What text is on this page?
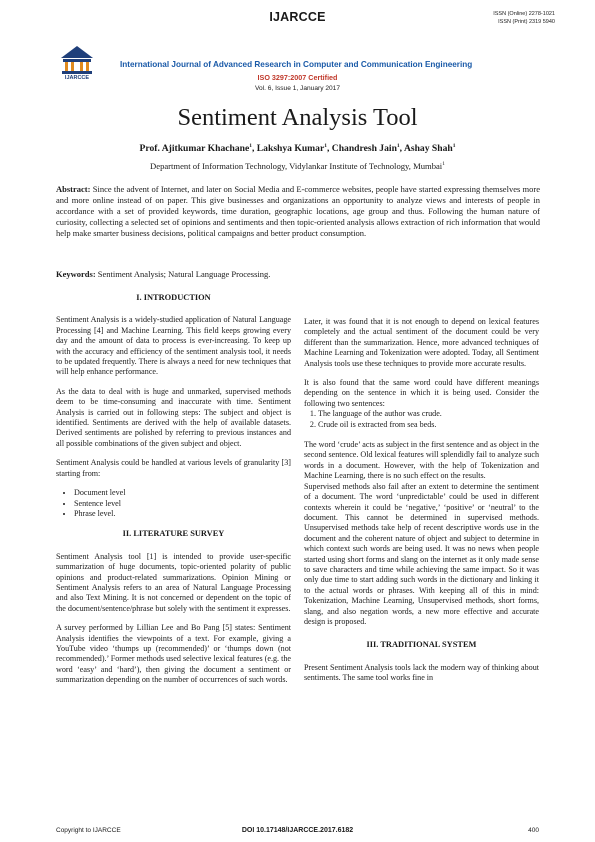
IJARCCE	ISSN (Online) 2278-1021
ISSN (Print) 2319 5940
IJARCCE
International Journal of Advanced Research in Computer and Communication Engineering
ISO 3297:2007 Certified
Vol. 6, Issue 1, January 2017
Sentiment Analysis Tool
Prof. Ajitkumar Khachane$^1$, Lakshya Kumar$^1$, Chandresh Jain$^1$, Ashay Shah$^1$
Department of Information Technology, Vidylankar Institute of Technology, Mumbai$^1$

Abstract: Since the advent of Internet, and later on Social Media and E-commerce websites, people have started expressing themselves more and more online instead of on paper. This give businesses and organizations an opportunity to analyze views and interests of people in accordance with a set of provided keywords, time duration, geographic locations, age group and thus. Following the human nature of curiosity, collecting a selected set of opinions and sentiments and then topic-oriented analysis allows extraction of rich information that would help make smarter business decisions, political campaigns and better product consumption.

Keywords: Sentiment Analysis; Natural Language Processing.

I. INTRODUCTION

Sentiment Analysis is a widely-studied application of Natural Language Processing [4] and Machine Learning. This field keeps growing every day and the amount of data to process is ever-increasing. To keep up with the accuracy and efficiency of the sentiment analysis tool, it needs to be updated frequently. There is always a need for new techniques that will help enhance performance.

As the data to deal with is huge and unmarked, supervised methods deem to be time-consuming and inaccurate with time. Sentiment Analysis is carried out in following steps: The subject and object is identified. Sentiments are derived with the help of available datasets. Derived sentiments are polished by referring to previous instances and all possible combinations of the given subject and object.

Sentiment Analysis could be handled at various levels of granularity [3] starting from:

• Document level
• Sentence level
• Phrase level.
II. LITERATURE SURVEY

Sentiment Analysis tool [1] is intended to provide user-specific summarization of huge documents, topic-oriented polarity of public opinions and product-related summarizations. Opinion Mining or Sentiment Analysis refers to an area of Natural Language Processing and also Text Mining. It is not concerned or dependent on the topic of the document/sentence/phrase but solely with the sentiment it expresses.

A survey performed by Lillian Lee and Bo Pang [5] states: Sentiment Analysis identifies the viewpoints of a text. For example, giving a YouTube video ‘thumps up (recommended)’ or ‘thumps down (not recommended).’ Former methods used selective lexical features (e.g. the word ‘easy’ and ‘hard’), then giving the document a sentiment or summarization depending on the number of occurrences of such words.

Later, it was found that it is not enough to depend on lexical features completely and the actual sentiment of the document could be very different than the summarization. Hence, more advanced techniques of Machine Learning and Tokenization were adopted. Today, all Sentiment Analysis tools use these techniques to provide more accurate results.

It is also found that the same word could have different meanings depending on the sentence in which it is being used. Consider the following two sentences:

1. The language of the author was crude.
2. Crude oil is extracted from sea beds.

The word ‘crude’ acts as subject in the first sentence and as object in the second sentence. Old lexical features will splendidly fail to analyze such words in a document. However, with the help of Tokenization and Machine Learning, there is no such effect on the results.

Supervised methods also fail after an extent to determine the sentiment of a document. The word ‘unpredictable’ could be used in different contexts wherein it could be ‘negative,’ ‘positive’ or ‘neutral’ to the document. This cannot be determined in supervised methods. Unsupervised methods take help of recent descriptive words use in the document and the coherent nature of object and subject to determine in which context such words are being used. It was no news when people started using short forms and slang on the internet as it only made sense to save characters and time while achieving the same impact. So it was only due time to start adding such words in the dictionary and linking it to the actual words or phrases. With keeping all of this in mind: Tokenization, Machine Learning, Unsupervised methods, short forms, slang, and also negation words, a new more effective and accurate design is proposed.

III. TRADITIONAL SYSTEM

Present Sentiment Analysis tools lack the modern way of thinking about sentiments. The same tool works fine in

Copyright to IJARCCE	DOI 10.17148/IJARCCE.2017.6182	400
